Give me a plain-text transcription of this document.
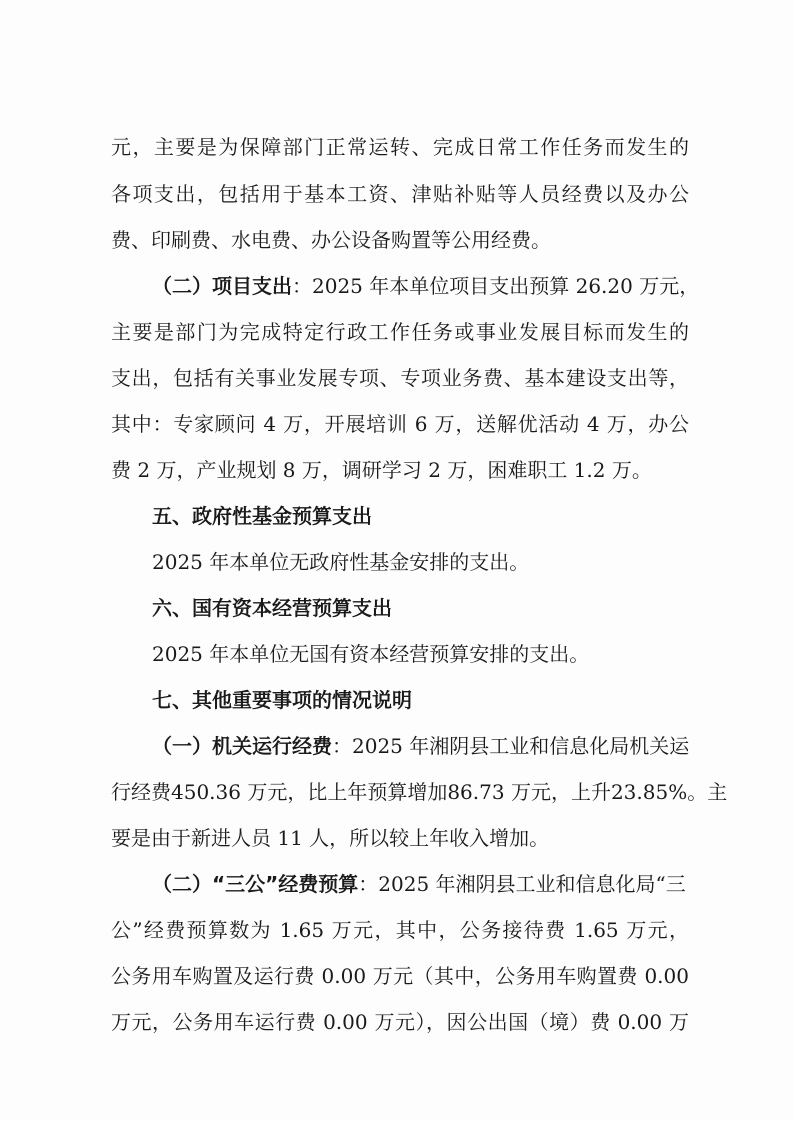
元，主要是为保障部门正常运转、完成日常工作任务而发生的
各项支出，包括用于基本工资、津贴补贴等人员经费以及办公
费、印刷费、水电费、办公设备购置等公用经费。
（二）项目支出：2025 年本单位项目支出预算 26.20 万元，
主要是部门为完成特定行政工作任务或事业发展目标而发生的
支出，包括有关事业发展专项、专项业务费、基本建设支出等，
其中：专家顾问 4 万，开展培训 6 万，送解优活动 4 万，办公
费 2 万，产业规划 8 万，调研学习 2 万，困难职工 1.2 万。
五、政府性基金预算支出
2025 年本单位无政府性基金安排的支出。
六、国有资本经营预算支出
2025 年本单位无国有资本经营预算安排的支出。
七、其他重要事项的情况说明
（一）机关运行经费：2025 年湘阴县工业和信息化局机关运
行经费450.36 万元，比上年预算增加86.73 万元，上升23.85%。主
要是由于新进人员 11 人，所以较上年收入增加。
（二）“三公”经费预算：2025 年湘阴县工业和信息化局“三
公”经费预算数为 1.65 万元，其中，公务接待费 1.65 万元，
公务用车购置及运行费 0.00 万元（其中，公务用车购置费 0.00
万元，公务用车运行费 0.00 万元），因公出国（境）费 0.00 万
